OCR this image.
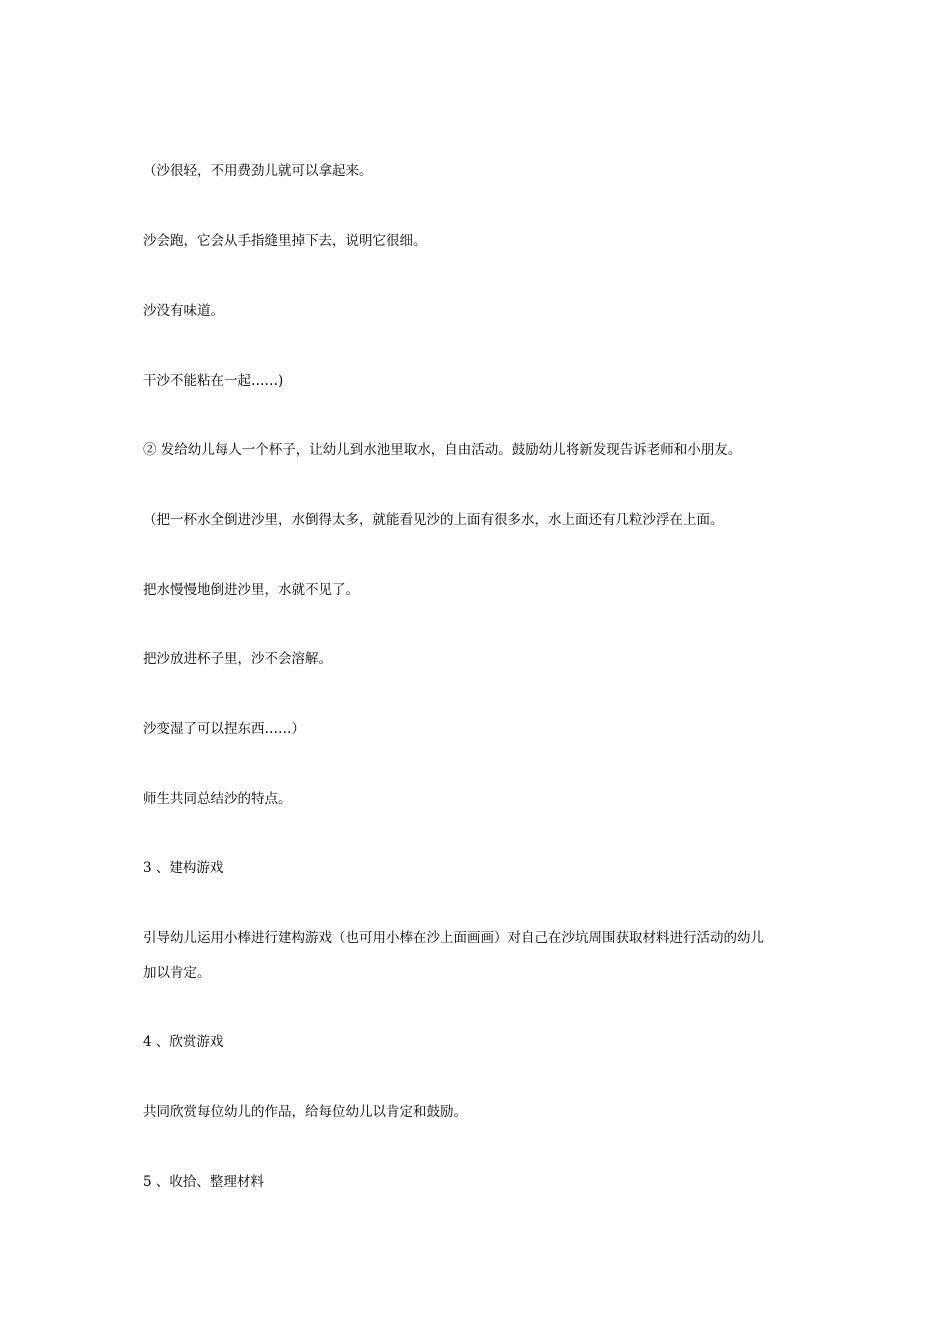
（沙很轻，不用费劲儿就可以拿起来。
沙会跑，它会从手指缝里掉下去，说明它很细。
沙没有味道。
干沙不能粘在一起……)
② 发给幼儿每人一个杯子，让幼儿到水池里取水，自由活动。鼓励幼儿将新发现告诉老师和小朋友。
（把一杯水全倒进沙里，水倒得太多，就能看见沙的上面有很多水，水上面还有几粒沙浮在上面。
把水慢慢地倒进沙里，水就不见了。
把沙放进杯子里，沙不会溶解。
沙变湿了可以捏东西……）
师生共同总结沙的特点。
3 、建构游戏
引导幼儿运用小棒进行建构游戏（也可用小棒在沙上面画画）对自己在沙坑周围获取材料进行活动的幼儿
加以肯定。
4 、欣赏游戏
共同欣赏每位幼儿的作品，给每位幼儿以肯定和鼓励。
5 、收拾、整理材料
